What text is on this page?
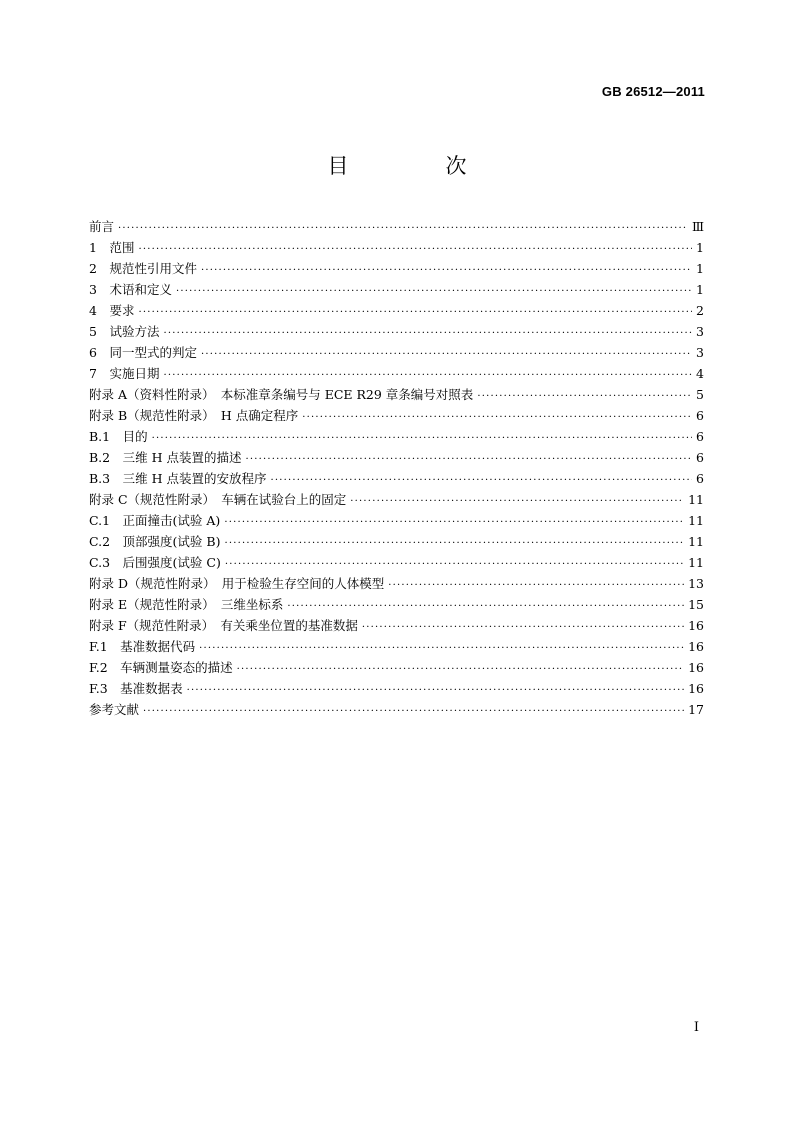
GB 26512—2011
目　次
前言 ·····	Ⅲ
1　范围 ·····	1
2　规范性引用文件 ·····	1
3　术语和定义 ·····	1
4　要求 ·····	2
5　试验方法 ·····	3
6　同一型式的判定 ·····	3
7　实施日期 ·····	4
附录 A（资料性附录）　本标准章条编号与 ECE R29 章条编号对照表 ·····	5
附录 B（规范性附录）　H 点确定程序 ·····	6
B.1　目的 ·····	6
B.2　三维 H 点装置的描述 ·····	6
B.3　三维 H 点装置的安放程序 ·····	6
附录 C（规范性附录）　车辆在试验台上的固定 ·····	11
C.1　正面撞击(试验 A) ·····	11
C.2　顶部强度(试验 B) ·····	11
C.3　后围强度(试验 C) ·····	11
附录 D（规范性附录）　用于检验生存空间的人体模型 ·····	13
附录 E（规范性附录）　三维坐标系 ·····	15
附录 F（规范性附录）　有关乘坐位置的基准数据 ·····	16
F.1　基准数据代码 ·····	16
F.2　车辆测量姿态的描述 ·····	16
F.3　基准数据表 ·····	16
参考文献 ·····	17
Ⅰ
